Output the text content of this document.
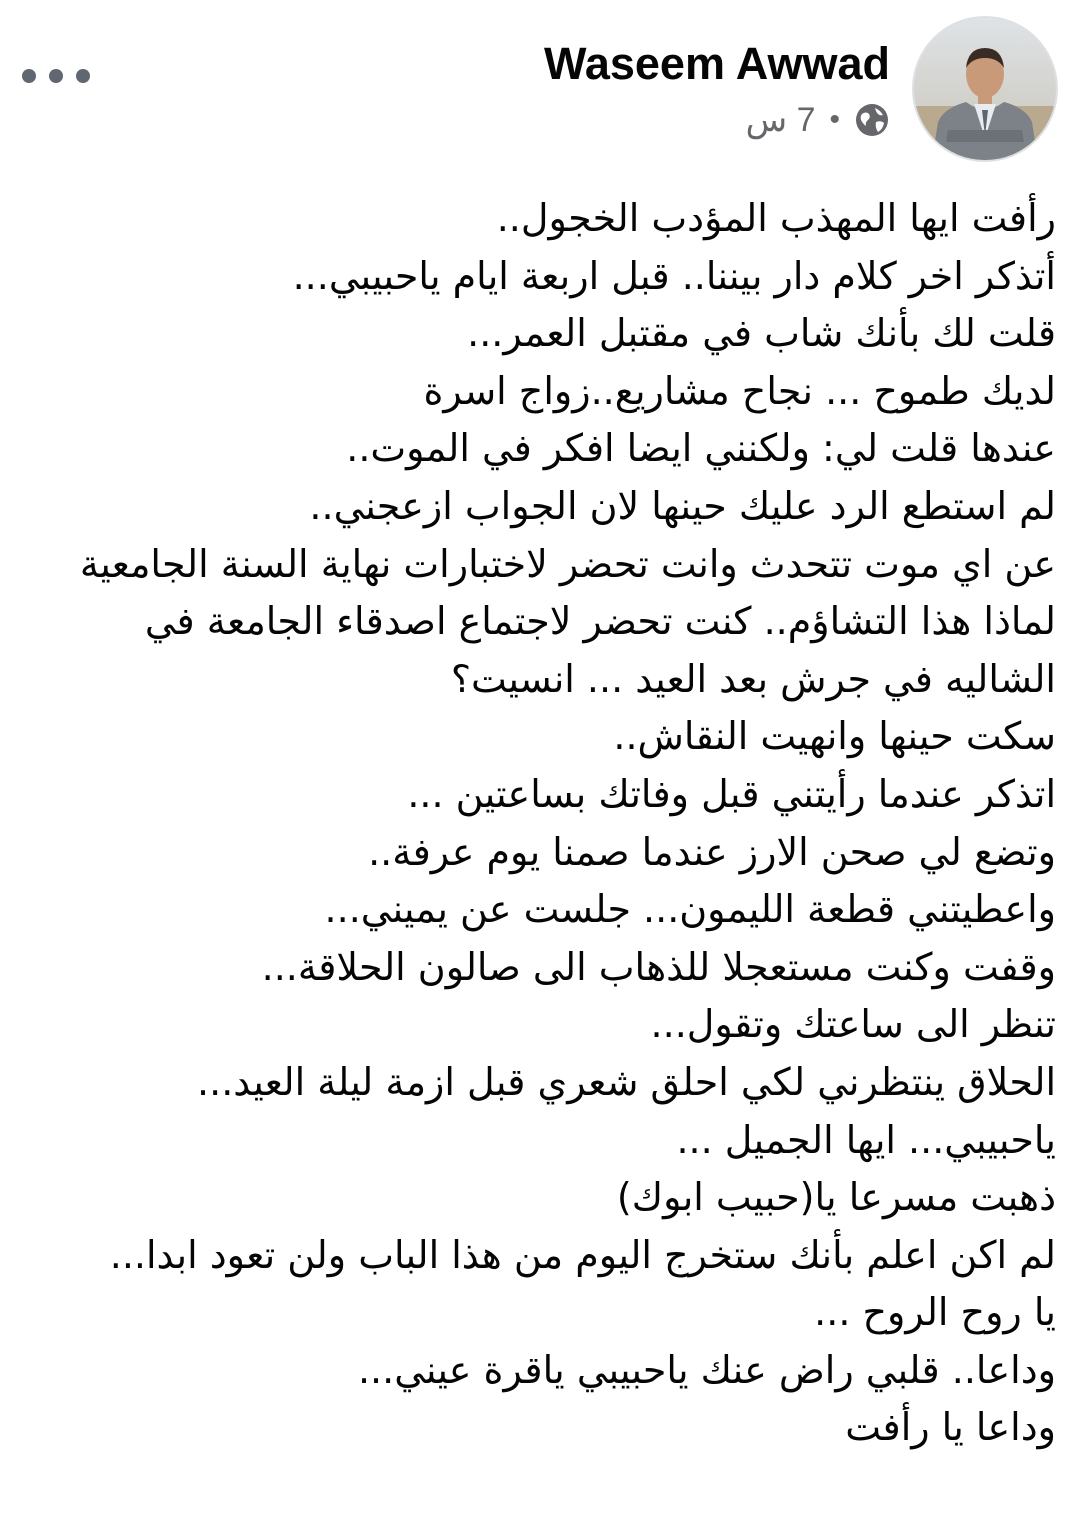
Waseem Awwad
7 س •
رأفت ايها المهذب المؤدب الخجول..
أتذكر اخر كلام دار بيننا.. قبل اربعة ايام ياحبيبي...
قلت لك بأنك شاب في مقتبل العمر...
لديك طموح ... نجاح مشاريع..زواج اسرة
عندها قلت لي: ولكنني ايضا افكر في الموت..
لم استطع الرد عليك حينها لان الجواب ازعجني..
عن اي موت تتحدث وانت تحضر لاختبارات نهاية السنة الجامعية
لماذا هذا التشاؤم.. كنت تحضر لاجتماع اصدقاء الجامعة في الشاليه في جرش بعد العيد ... انسيت؟
سكت حينها وانهيت النقاش..
اتذكر عندما رأيتني قبل وفاتك بساعتين ...
وتضع لي صحن الارز عندما صمنا يوم عرفة..
واعطيتني قطعة الليمون... جلست عن يميني...
وقفت وكنت مستعجلا للذهاب الى صالون الحلاقة...
تنظر الى ساعتك وتقول...
الحلاق ينتظرني لكي احلق شعري قبل ازمة ليلة العيد...
ياحبيبي... ايها الجميل ...
ذهبت مسرعا يا(حبيب ابوك)
لم اكن اعلم بأنك ستخرج اليوم من هذا الباب ولن تعود ابدا...
يا روح الروح ...
وداعا.. قلبي راض عنك ياحبيبي ياقرة عيني...
وداعا يا رأفت
